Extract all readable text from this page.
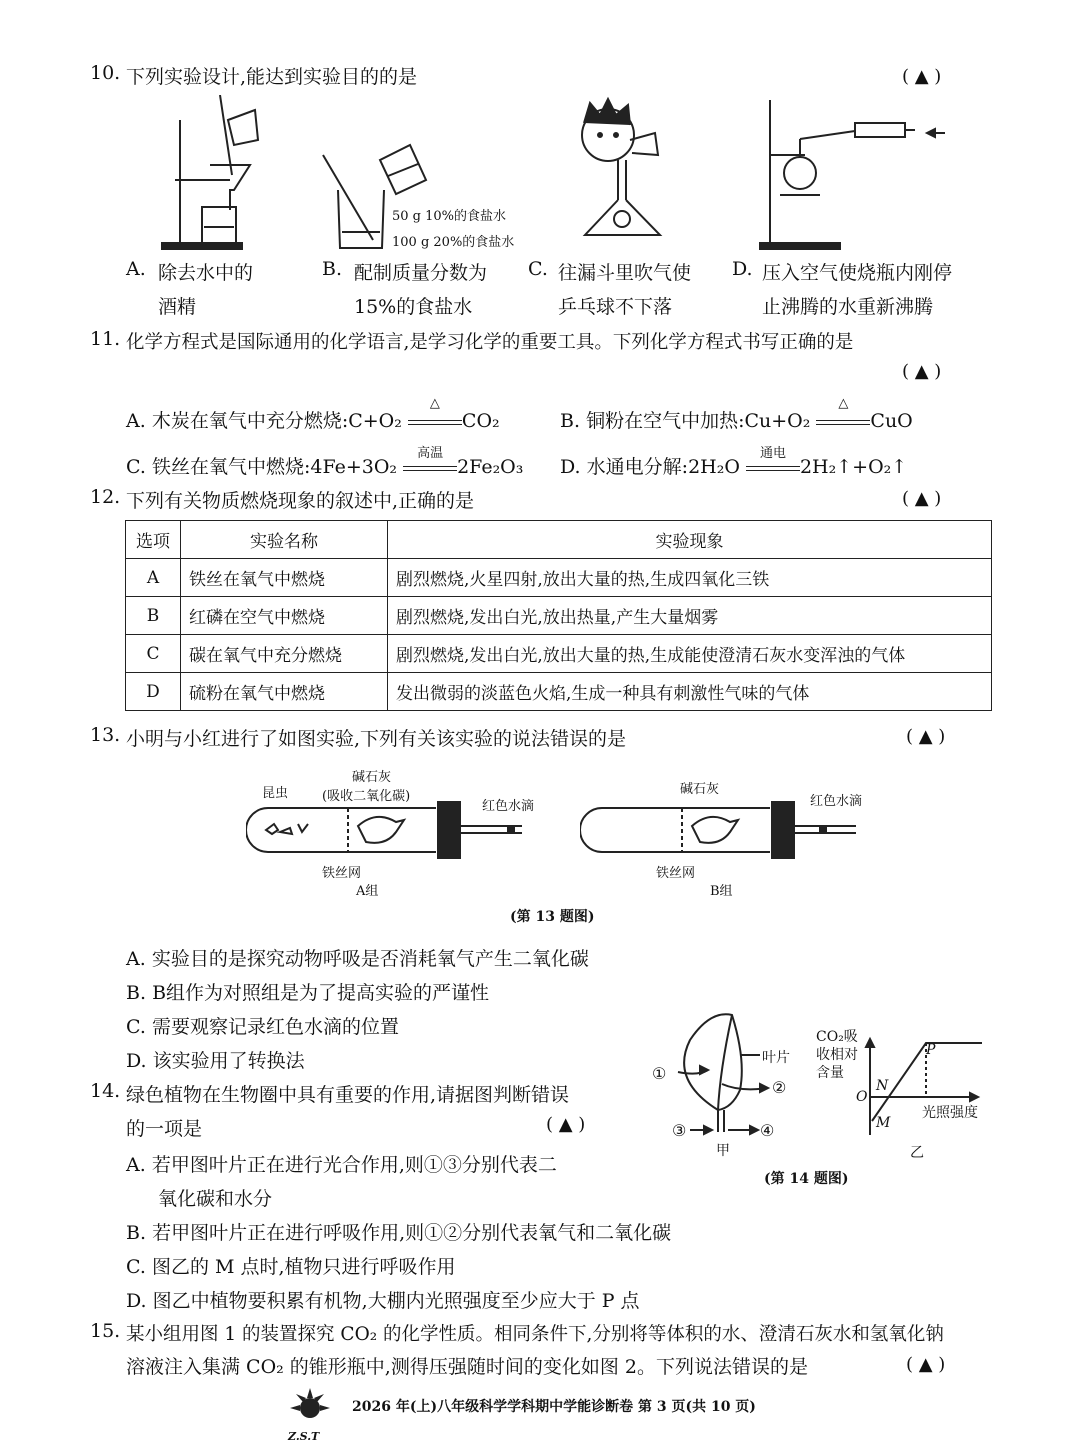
10. 下列实验设计,能达到实验目的的是	( ▲ )
50 g 10%的食盐水
100 g 20%的食盐水
A. 除去水中的
酒精
B. 配制质量分数为
15%的食盐水
C. 往漏斗里吹气使
乒乓球不下落
D. 压入空气使烧瓶内刚停
止沸腾的水重新沸腾
11. 化学方程式是国际通用的化学语言,是学习化学的重要工具。下列化学方程式书写正确的是
( ▲ )
A. 木炭在氧气中充分燃烧:C+O₂
△
CO₂	B. 铜粉在空气中加热:Cu+O₂
△
CuO
C. 铁丝在氧气中燃烧:4Fe+3O₂
高温
2Fe₂O₃ D. 水通电分解:2H₂O
通电
2H₂↑+O₂↑
12. 下列有关物质燃烧现象的叙述中,正确的是	( ▲ )
选项	实验名称	实验现象
A	铁丝在氧气中燃烧	剧烈燃烧,火星四射,放出大量的热,生成四氧化三铁
B	红磷在空气中燃烧	剧烈燃烧,发出白光,放出热量,产生大量烟雾
C	碳在氧气中充分燃烧	剧烈燃烧,发出白光,放出大量的热,生成能使澄清石灰水变浑浊的气体
D	硫粉在氧气中燃烧	发出微弱的淡蓝色火焰,生成一种具有刺激性气味的气体
13. 小明与小红进行了如图实验,下列有关该实验的说法错误的是	( ▲ )
昆虫
碱石灰
(吸收二氧化碳)
红色水滴
铁丝网
A组
碱石灰
红色水滴
铁丝网
B组
(第 13 题图)
A. 实验目的是探究动物呼吸是否消耗氧气产生二氧化碳
B. B组作为对照组是为了提高实验的严谨性
C. 需要观察记录红色水滴的位置
D. 该实验用了转换法
14. 绿色植物在生物圈中具有重要的作用,请据图判断错误
的一项是	( ▲ )
叶片
①
②
③	④
甲
CO₂吸
收相对
含量
P
N
O
M
光照强度
乙
(第 14 题图)
A. 若甲图叶片正在进行光合作用,则①③分别代表二
氧化碳和水分
B. 若甲图叶片正在进行呼吸作用,则①②分别代表氧气和二氧化碳
C. 图乙的 M 点时,植物只进行呼吸作用
D. 图乙中植物要积累有机物,大棚内光照强度至少应大于 P 点
15. 某小组用图 1 的装置探究 CO₂ 的化学性质。相同条件下,分别将等体积的水、澄清石灰水和氢氧化钠
溶液注入集满 CO₂ 的锥形瓶中,测得压强随时间的变化如图 2。下列说法错误的是	( ▲ )
Z.S.T
2026 年(上)八年级科学学科期中学能诊断卷 第 3 页(共 10 页)
